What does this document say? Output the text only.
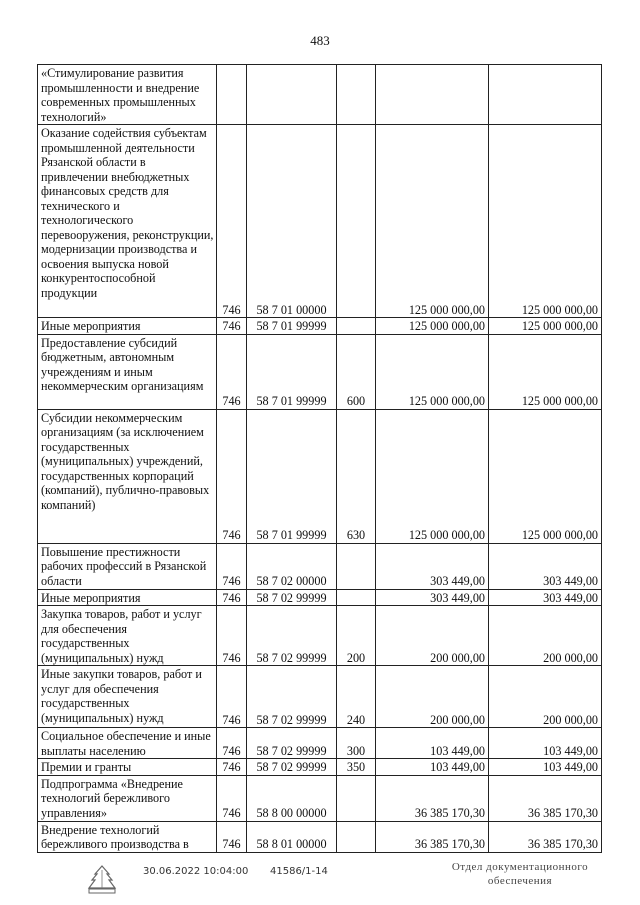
483
«Стимулирование развития промышленности и внедрение современных промышленных технологий»					
Оказание содействия субъектам промышленной деятельности Рязанской области в привлечении внебюджетных финансовых средств для технического и технологического перевооружения, реконструкции, модернизации производства и освоения выпуска новой конкурентоспособной продукции	746	58 7 01 00000		125 000 000,00	125 000 000,00
Иные мероприятия	746	58 7 01 99999		125 000 000,00	125 000 000,00
Предоставление субсидий бюджетным, автономным учреждениям и иным некоммерческим организациям	746	58 7 01 99999	600	125 000 000,00	125 000 000,00
Субсидии некоммерческим организациям (за исключением государственных (муниципальных) учреждений, государственных корпораций (компаний), публично-правовых компаний)	746	58 7 01 99999	630	125 000 000,00	125 000 000,00
Повышение престижности рабочих профессий в Рязанской области	746	58 7 02 00000		303 449,00	303 449,00
Иные мероприятия	746	58 7 02 99999		303 449,00	303 449,00
Закупка товаров, работ и услуг для обеспечения государственных (муниципальных) нужд	746	58 7 02 99999	200	200 000,00	200 000,00
Иные закупки товаров, работ и услуг для обеспечения государственных (муниципальных) нужд	746	58 7 02 99999	240	200 000,00	200 000,00
Социальное обеспечение и иные выплаты населению	746	58 7 02 99999	300	103 449,00	103 449,00
Премии и гранты	746	58 7 02 99999	350	103 449,00	103 449,00
Подпрограмма «Внедрение технологий бережливого управления»	746	58 8 00 00000		36 385 170,30	36 385 170,30
Внедрение технологий бережливого производства в	746	58 8 01 00000		36 385 170,30	36 385 170,30
30.06.2022 10:04:00 41586/1-14	Отдел документационного обеспечения
